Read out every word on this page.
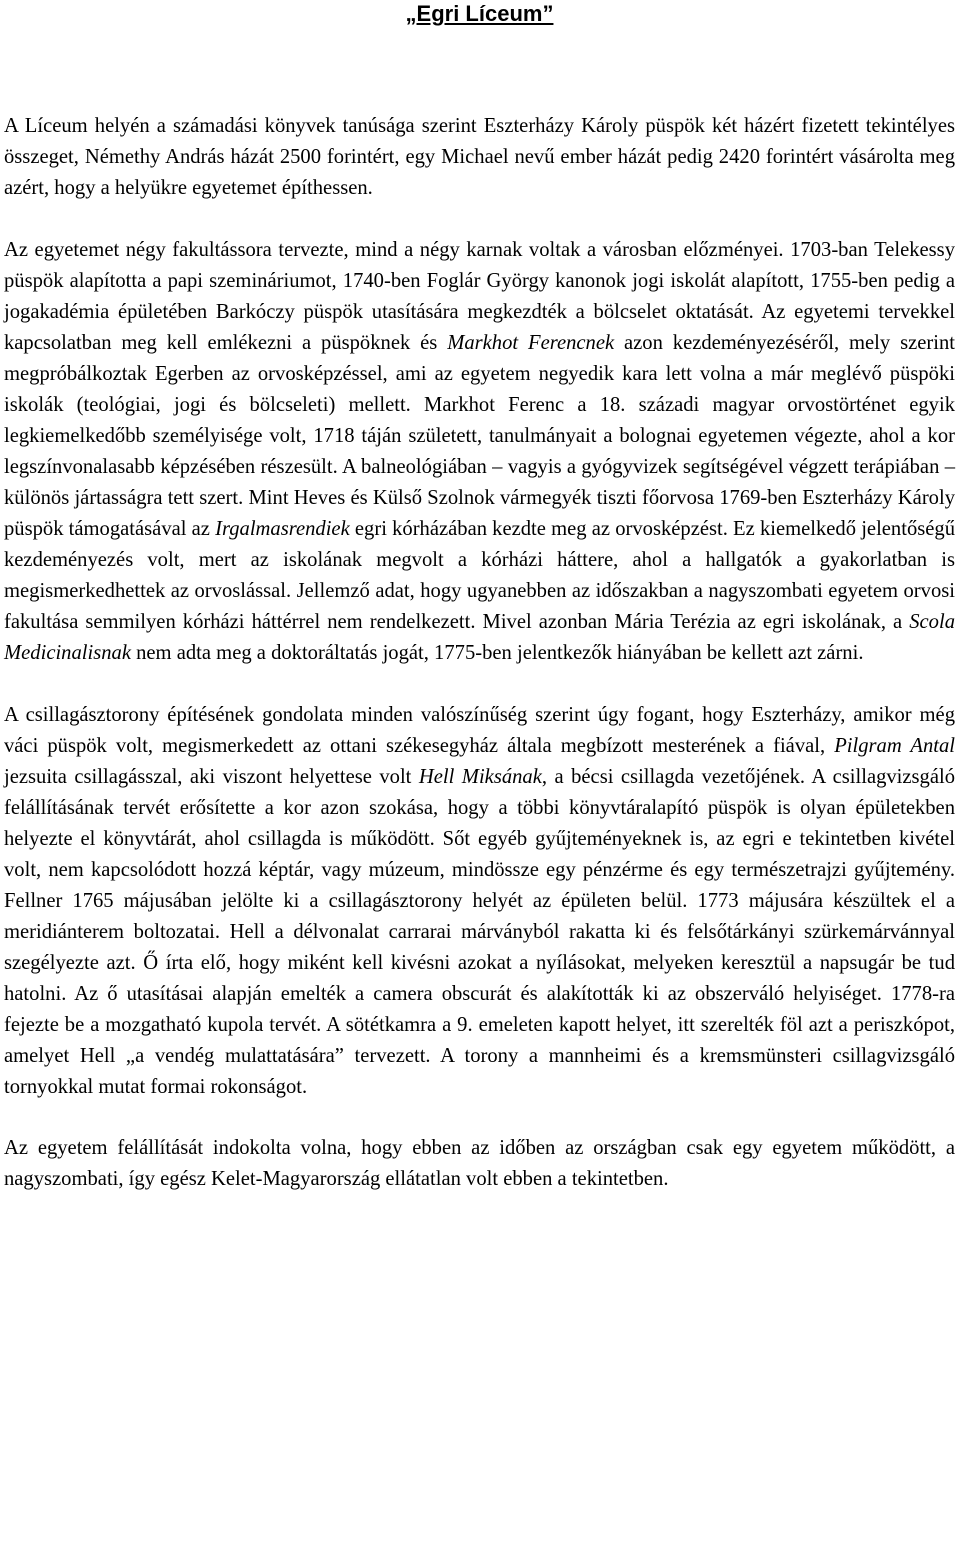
„Egri Líceum”

A Líceum helyén a számadási könyvek tanúsága szerint Eszterházy Károly püspök két házért fizetett tekintélyes összeget, Némethy András házát 2500 forintért, egy Michael nevű ember házát pedig 2420 forintért vásárolta meg azért, hogy a helyükre egyetemet építhessen.

Az egyetemet négy fakultássora tervezte, mind a négy karnak voltak a városban előzményei. 1703-ban Telekessy püspök alapította a papi szemináriumot, 1740-ben Foglár György kanonok jogi iskolát alapított, 1755-ben pedig a jogakadémia épületében Barkóczy püspök utasítására megkezdték a bölcselet oktatását. Az egyetemi tervekkel kapcsolatban meg kell emlékezni a püspöknek és Markhot Ferencnek azon kezdeményezéséről, mely szerint megpróbálkoztak Egerben az orvosképzéssel, ami az egyetem negyedik kara lett volna a már meglévő püspöki iskolák (teológiai, jogi és bölcseleti) mellett. Markhot Ferenc a 18. századi magyar orvostörténet egyik legkiemelkedőbb személyisége volt, 1718 táján született, tanulmányait a bolognai egyetemen végezte, ahol a kor legszínvonalasabb képzésében részesült. A balneológiában – vagyis a gyógyvizek segítségével végzett terápiában – különös jártasságra tett szert. Mint Heves és Külső Szolnok vármegyék tiszti főorvosa 1769-ben Eszterházy Károly püspök támogatásával az Irgalmasrendiek egri kórházában kezdte meg az orvosképzést. Ez kiemelkedő jelentőségű kezdeményezés volt, mert az iskolának megvolt a kórházi háttere, ahol a hallgatók a gyakorlatban is megismerkedhettek az orvoslással. Jellemző adat, hogy ugyanebben az időszakban a nagyszombati egyetem orvosi fakultása semmilyen kórházi háttérrel nem rendelkezett. Mivel azonban Mária Terézia az egri iskolának, a Scola Medicinalisnak nem adta meg a doktoráltatás jogát, 1775-ben jelentkezők hiányában be kellett azt zárni.

A csillagásztorony építésének gondolata minden valószínűség szerint úgy fogant, hogy Eszterházy, amikor még váci püspök volt, megismerkedett az ottani székesegyház általa megbízott mesterének a fiával, Pilgram Antal jezsuita csillagásszal, aki viszont helyettese volt Hell Miksának, a bécsi csillagda vezetőjének. A csillagvizsgáló felállításának tervét erősítette a kor azon szokása, hogy a többi könyvtáralapító püspök is olyan épületekben helyezte el könyvtárát, ahol csillagda is működött. Sőt egyéb gyűjteményeknek is, az egri e tekintetben kivétel volt, nem kapcsolódott hozzá képtár, vagy múzeum, mindössze egy pénzérme és egy természetrajzi gyűjtemény. Fellner 1765 májusában jelölte ki a csillagásztorony helyét az épületen belül. 1773 májusára készültek el a meridiánterem boltozatai. Hell a délvonalat carrarai márványból rakatta ki és felsőtárkányi szürkemárvánnyal szegélyezte azt. Ő írta elő, hogy miként kell kivésni azokat a nyílásokat, melyeken keresztül a napsugár be tud hatolni. Az ő utasításai alapján emelték a camera obscurát és alakították ki az obszerváló helyiséget. 1778-ra fejezte be a mozgatható kupola tervét. A sötétkamra a 9. emeleten kapott helyet, itt szerelték föl azt a periszkópot, amelyet Hell „a vendég mulattatására” tervezett. A torony a mannheimi és a kremsmünsteri csillagvizsgáló tornyokkal mutat formai rokonságot.

Az egyetem felállítását indokolta volna, hogy ebben az időben az országban csak egy egyetem működött, a nagyszombati, így egész Kelet-Magyarország ellátatlan volt ebben a tekintetben.
